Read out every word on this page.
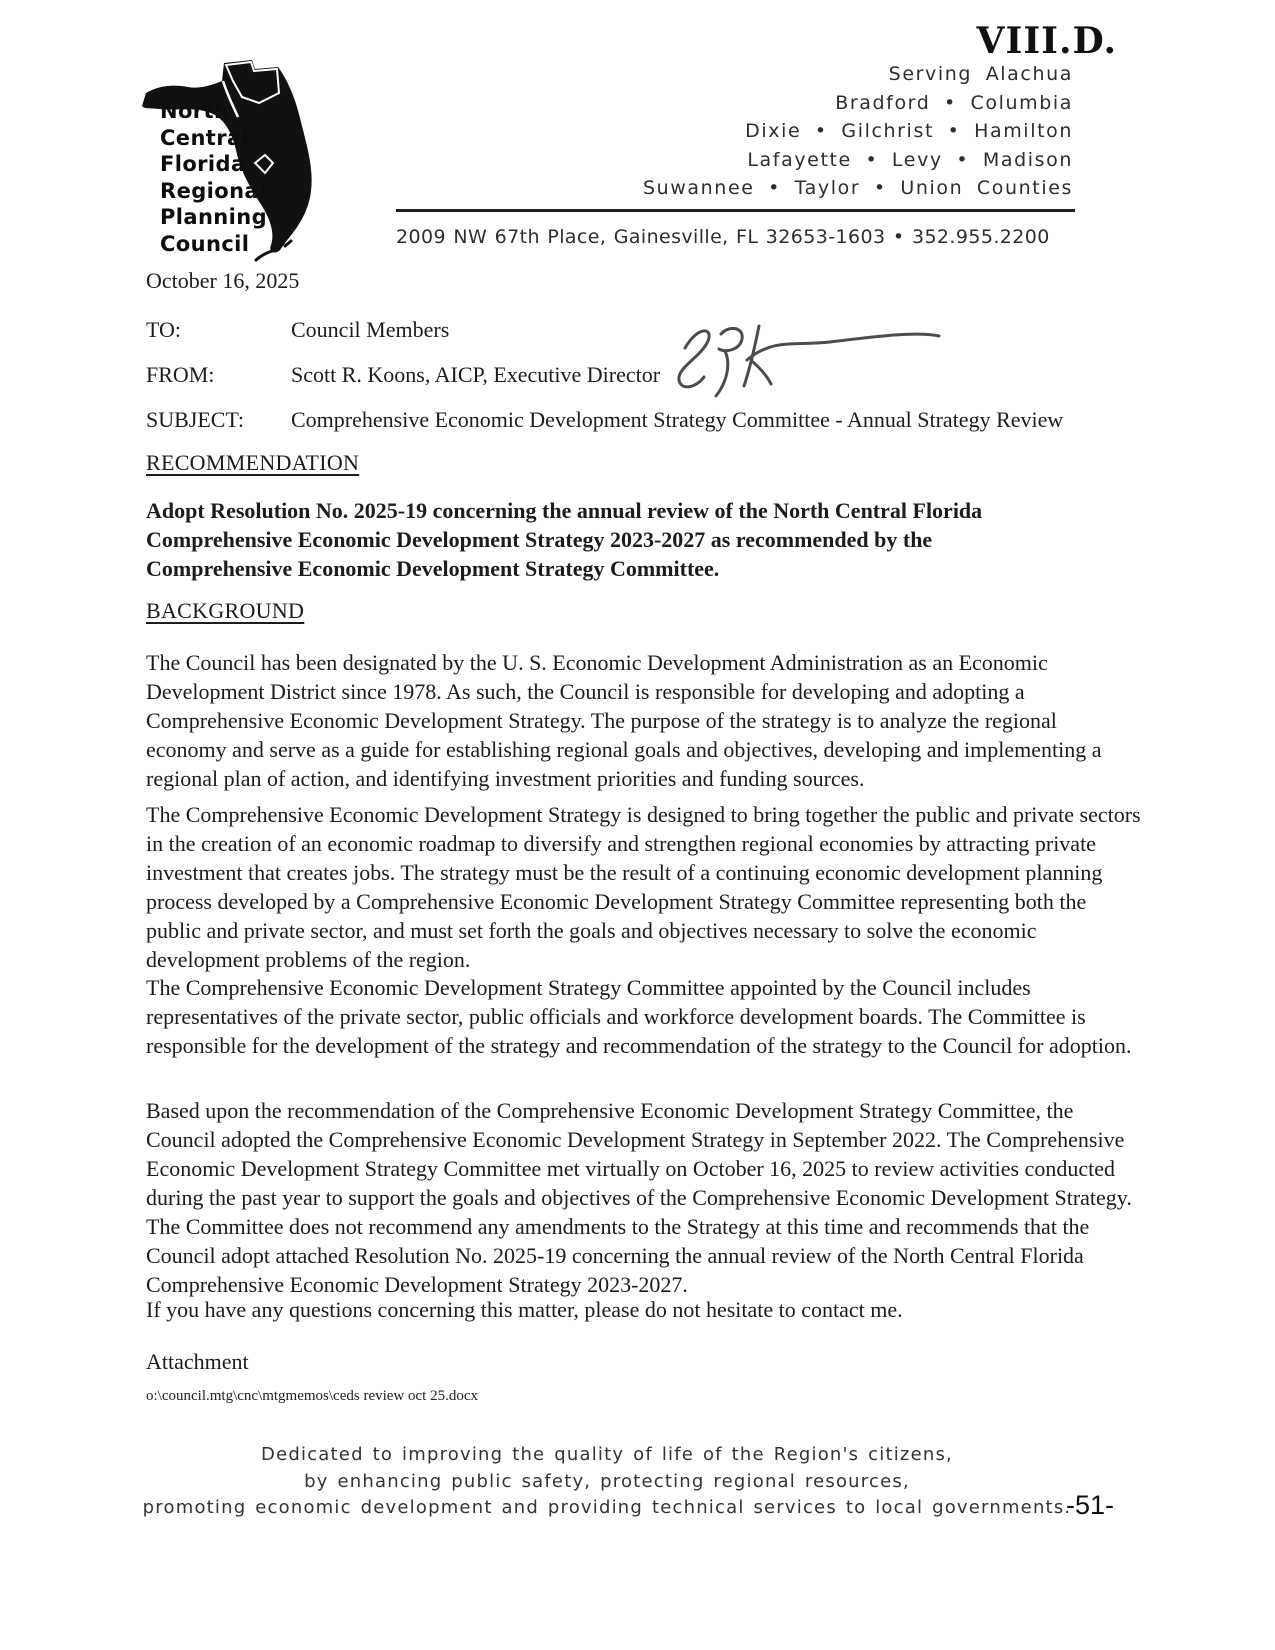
VIII.D.
Serving Alachua
Bradford • Columbia
Dixie • Gilchrist • Hamilton
Lafayette • Levy • Madison
Suwannee • Taylor • Union Counties
2009 NW 67th Place, Gainesville, FL 32653-1603 • 352.955.2200
North
Central
Florida
Regional
Planning
Council
October 16, 2025
TO:	Council Members
FROM:	Scott R. Koons, AICP, Executive Director
SUBJECT:	Comprehensive Economic Development Strategy Committee - Annual Strategy Review
RECOMMENDATION
Adopt Resolution No. 2025-19 concerning the annual review of the North Central Florida Comprehensive Economic Development Strategy 2023-2027 as recommended by the Comprehensive Economic Development Strategy Committee.
BACKGROUND
The Council has been designated by the U. S. Economic Development Administration as an Economic Development District since 1978. As such, the Council is responsible for developing and adopting a Comprehensive Economic Development Strategy. The purpose of the strategy is to analyze the regional economy and serve as a guide for establishing regional goals and objectives, developing and implementing a regional plan of action, and identifying investment priorities and funding sources.
The Comprehensive Economic Development Strategy is designed to bring together the public and private sectors in the creation of an economic roadmap to diversify and strengthen regional economies by attracting private investment that creates jobs. The strategy must be the result of a continuing economic development planning process developed by a Comprehensive Economic Development Strategy Committee representing both the public and private sector, and must set forth the goals and objectives necessary to solve the economic development problems of the region.
The Comprehensive Economic Development Strategy Committee appointed by the Council includes representatives of the private sector, public officials and workforce development boards. The Committee is responsible for the development of the strategy and recommendation of the strategy to the Council for adoption.
Based upon the recommendation of the Comprehensive Economic Development Strategy Committee, the Council adopted the Comprehensive Economic Development Strategy in September 2022. The Comprehensive Economic Development Strategy Committee met virtually on October 16, 2025 to review activities conducted during the past year to support the goals and objectives of the Comprehensive Economic Development Strategy. The Committee does not recommend any amendments to the Strategy at this time and recommends that the Council adopt attached Resolution No. 2025-19 concerning the annual review of the North Central Florida Comprehensive Economic Development Strategy 2023-2027.
If you have any questions concerning this matter, please do not hesitate to contact me.
Attachment
o:\council.mtg\cnc\mtgmemos\ceds review oct 25.docx
Dedicated to improving the quality of life of the Region's citizens,
by enhancing public safety, protecting regional resources,
promoting economic development and providing technical services to local governments.
-51-
